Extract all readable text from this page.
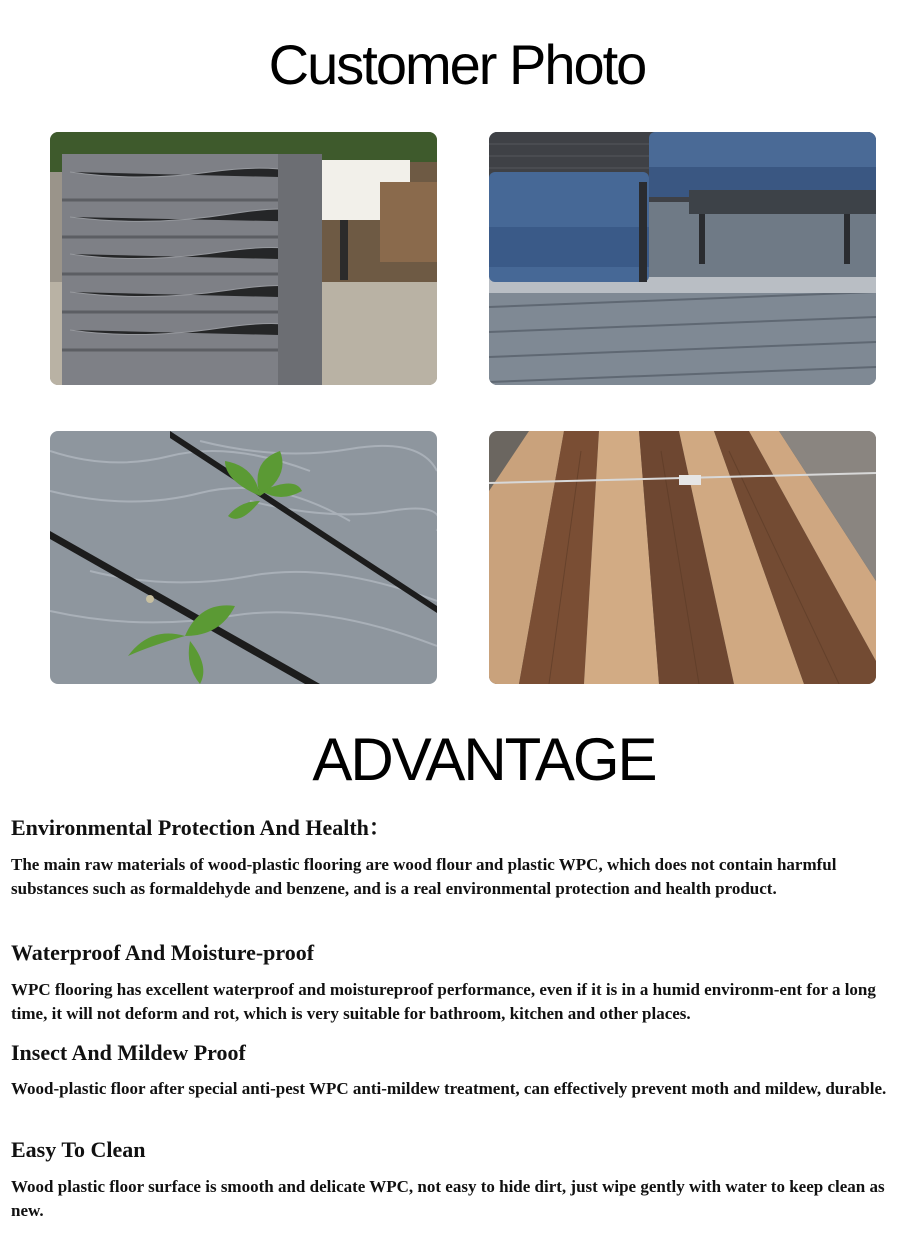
Customer Photo
ADVANTAGE
Environmental Protection And Health：

The main raw materials of wood-plastic flooring are wood flour and plastic WPC, which does not contain harmful substances such as formaldehyde and benzene, and is a real environmental protection and health product.

Waterproof And Moisture-proof

WPC flooring has excellent waterproof and moistureproof performance, even if it is in a humid environm-ent for a long time, it will not deform and rot, which is very suitable for bathroom, kitchen and other places.

Insect And Mildew Proof

Wood-plastic floor after special anti-pest WPC anti-mildew treatment, can effectively prevent moth and mildew, durable.

Easy To Clean

Wood plastic floor surface is smooth and delicate WPC, not easy to hide dirt, just wipe gently with water to keep clean as new.
